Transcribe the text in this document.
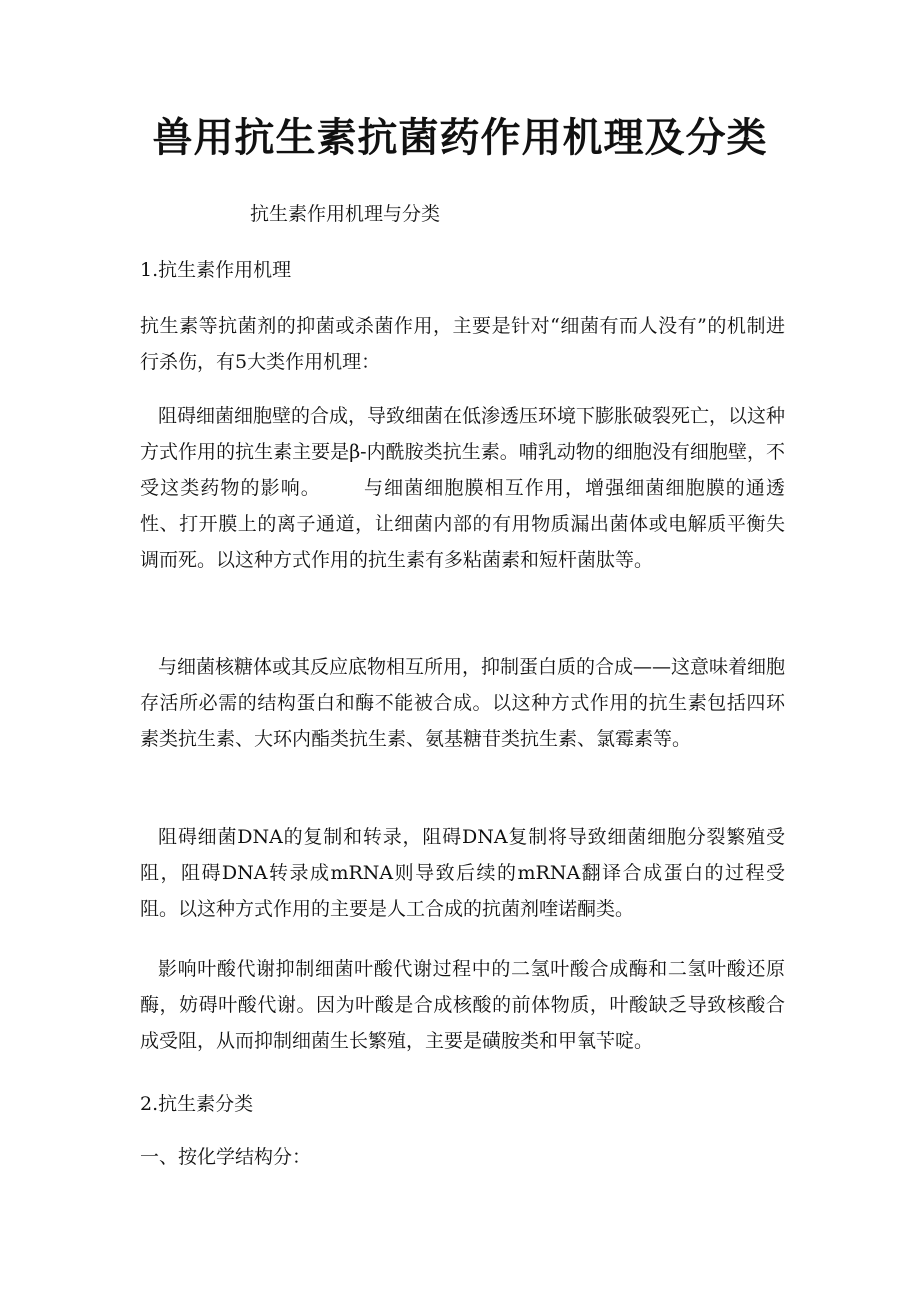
兽用抗生素抗菌药作用机理及分类

抗生素作用机理与分类

1.抗生素作用机理

抗生素等抗菌剂的抑菌或杀菌作用，主要是针对“细菌有而人没有”的机制进行杀伤，有5大类作用机理：

阻碍细菌细胞壁的合成，导致细菌在低渗透压环境下膨胀破裂死亡，以这种方式作用的抗生素主要是β-内酰胺类抗生素。哺乳动物的细胞没有细胞壁，不受这类药物的影响。 与细菌细胞膜相互作用，增强细菌细胞膜的通透性、打开膜上的离子通道，让细菌内部的有用物质漏出菌体或电解质平衡失调而死。以这种方式作用的抗生素有多粘菌素和短杆菌肽等。

与细菌核糖体或其反应底物相互所用，抑制蛋白质的合成——这意味着细胞存活所必需的结构蛋白和酶不能被合成。以这种方式作用的抗生素包括四环素类抗生素、大环内酯类抗生素、氨基糖苷类抗生素、氯霉素等。

阻碍细菌DNA的复制和转录，阻碍DNA复制将导致细菌细胞分裂繁殖受阻，阻碍DNA转录成mRNA则导致后续的mRNA翻译合成蛋白的过程受阻。以这种方式作用的主要是人工合成的抗菌剂喹诺酮类。

影响叶酸代谢抑制细菌叶酸代谢过程中的二氢叶酸合成酶和二氢叶酸还原酶，妨碍叶酸代谢。因为叶酸是合成核酸的前体物质，叶酸缺乏导致核酸合成受阻，从而抑制细菌生长繁殖，主要是磺胺类和甲氧苄啶。

2.抗生素分类

一、按化学结构分：
